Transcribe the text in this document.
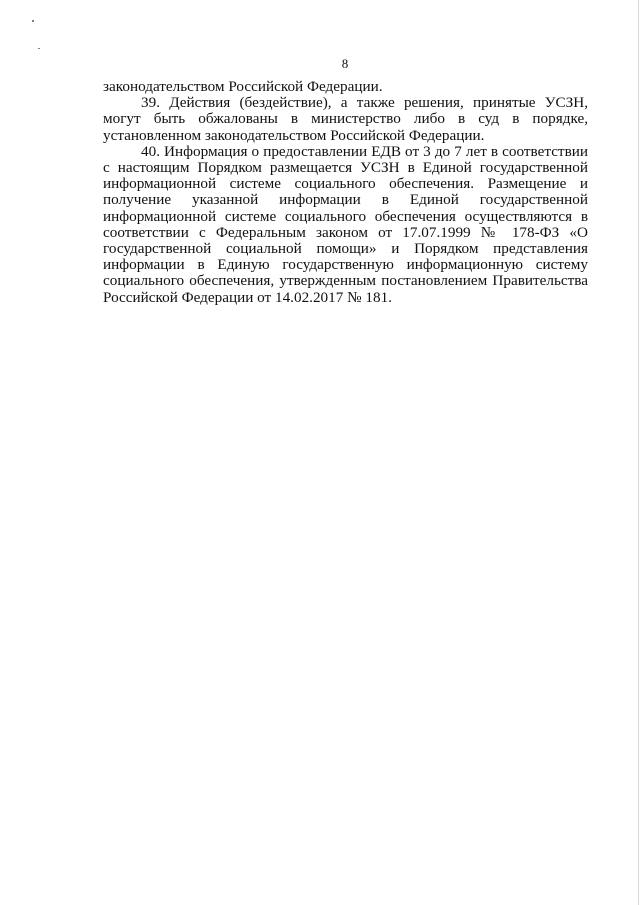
8

законодательством Российской Федерации.

39. Действия (бездействие), а также решения, принятые УСЗН, могут быть обжалованы в министерство либо в суд в порядке, установленном законодательством Российской Федерации.

40. Информация о предоставлении ЕДВ от 3 до 7 лет в соответствии с настоящим Порядком размещается УСЗН в Единой государственной информационной системе социального обеспечения. Размещение и получение указанной информации в Единой государственной информационной системе социального обеспечения осуществляются в соответствии с Федеральным законом от 17.07.1999 № 178-ФЗ «О государственной социальной помощи» и Порядком представления информации в Единую государственную информационную систему социального обеспечения, утвержденным постановлением Правительства Российской Федерации от 14.02.2017 № 181.
